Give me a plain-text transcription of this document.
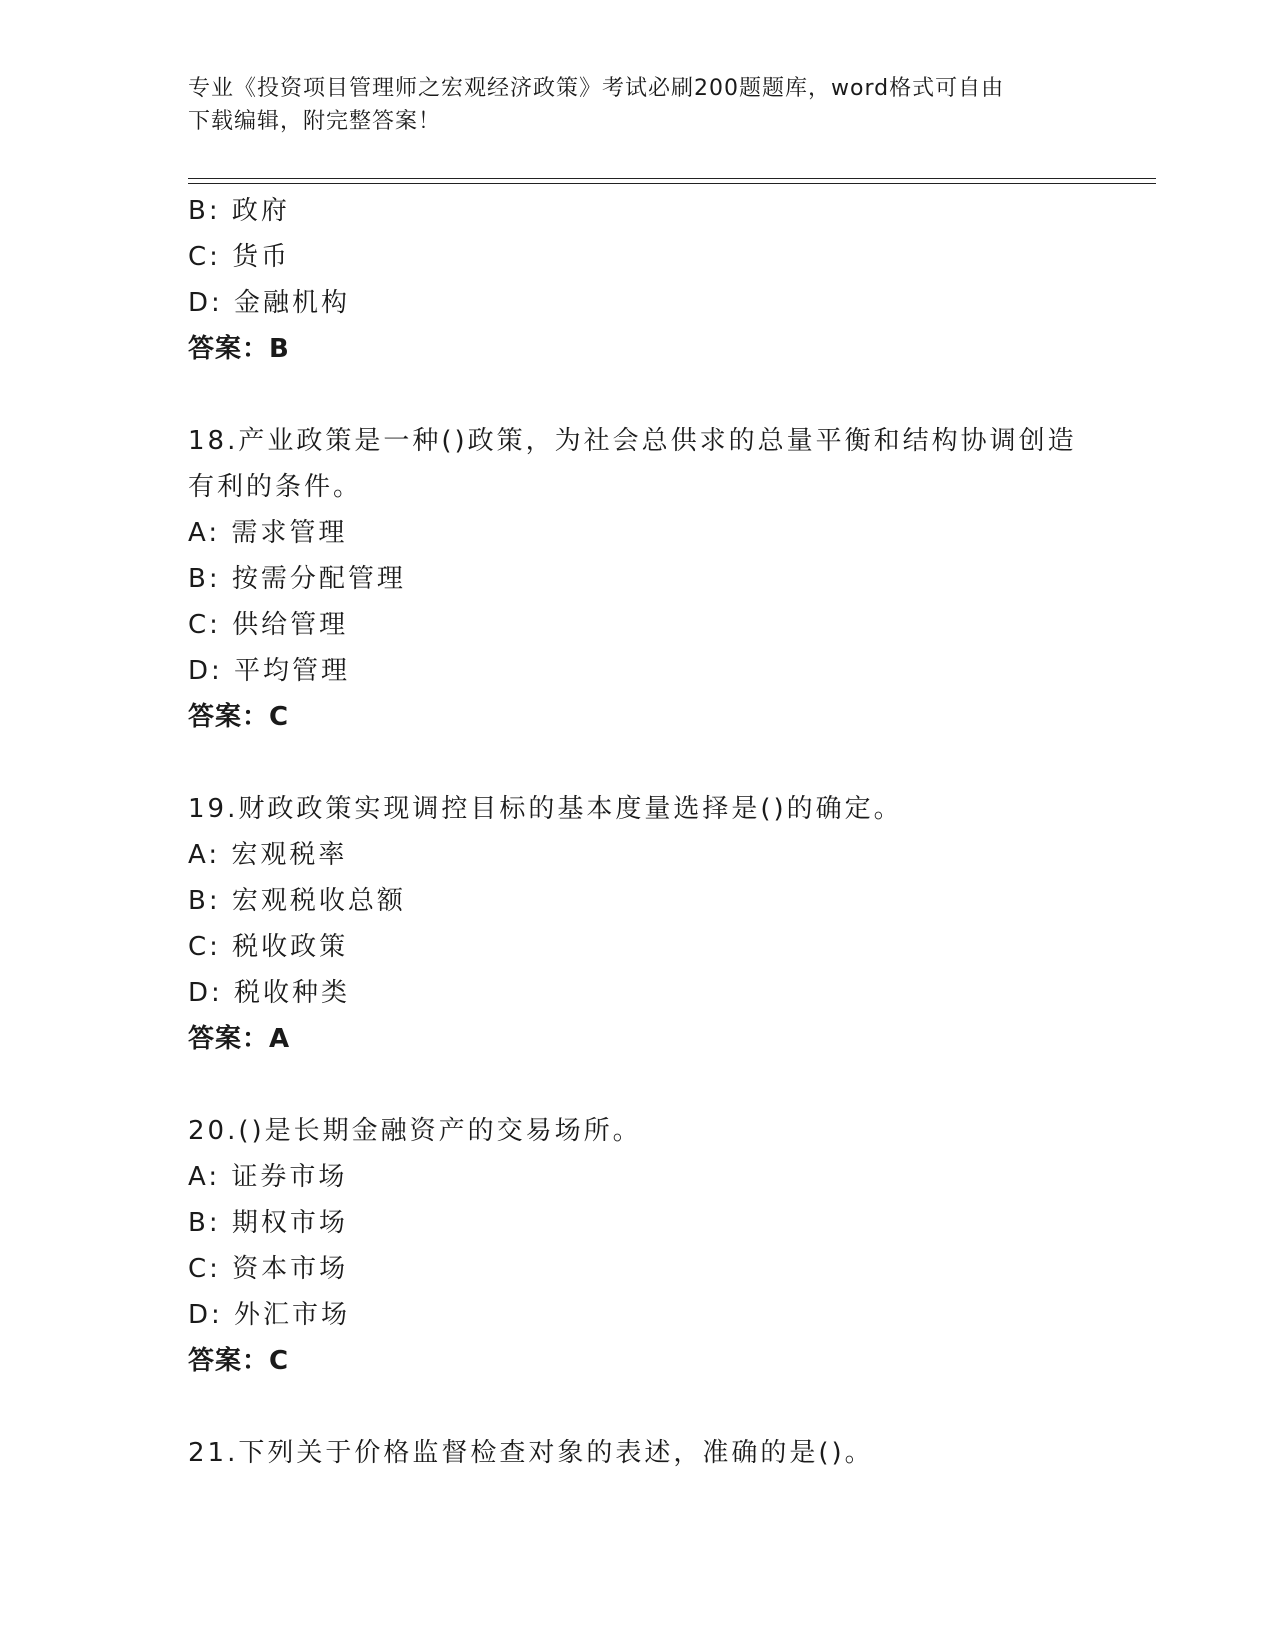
专业《投资项目管理师之宏观经济政策》考试必刷200题题库，word格式可自由
下载编辑，附完整答案！
B: 政府
C: 货币
D: 金融机构
答案：B
18.产业政策是一种()政策，为社会总供求的总量平衡和结构协调创造
有利的条件。
A: 需求管理
B: 按需分配管理
C: 供给管理
D: 平均管理
答案：C
19.财政政策实现调控目标的基本度量选择是()的确定。
A: 宏观税率
B: 宏观税收总额
C: 税收政策
D: 税收种类
答案：A
20.()是长期金融资产的交易场所。
A: 证券市场
B: 期权市场
C: 资本市场
D: 外汇市场
答案：C
21.下列关于价格监督检查对象的表述，准确的是()。
